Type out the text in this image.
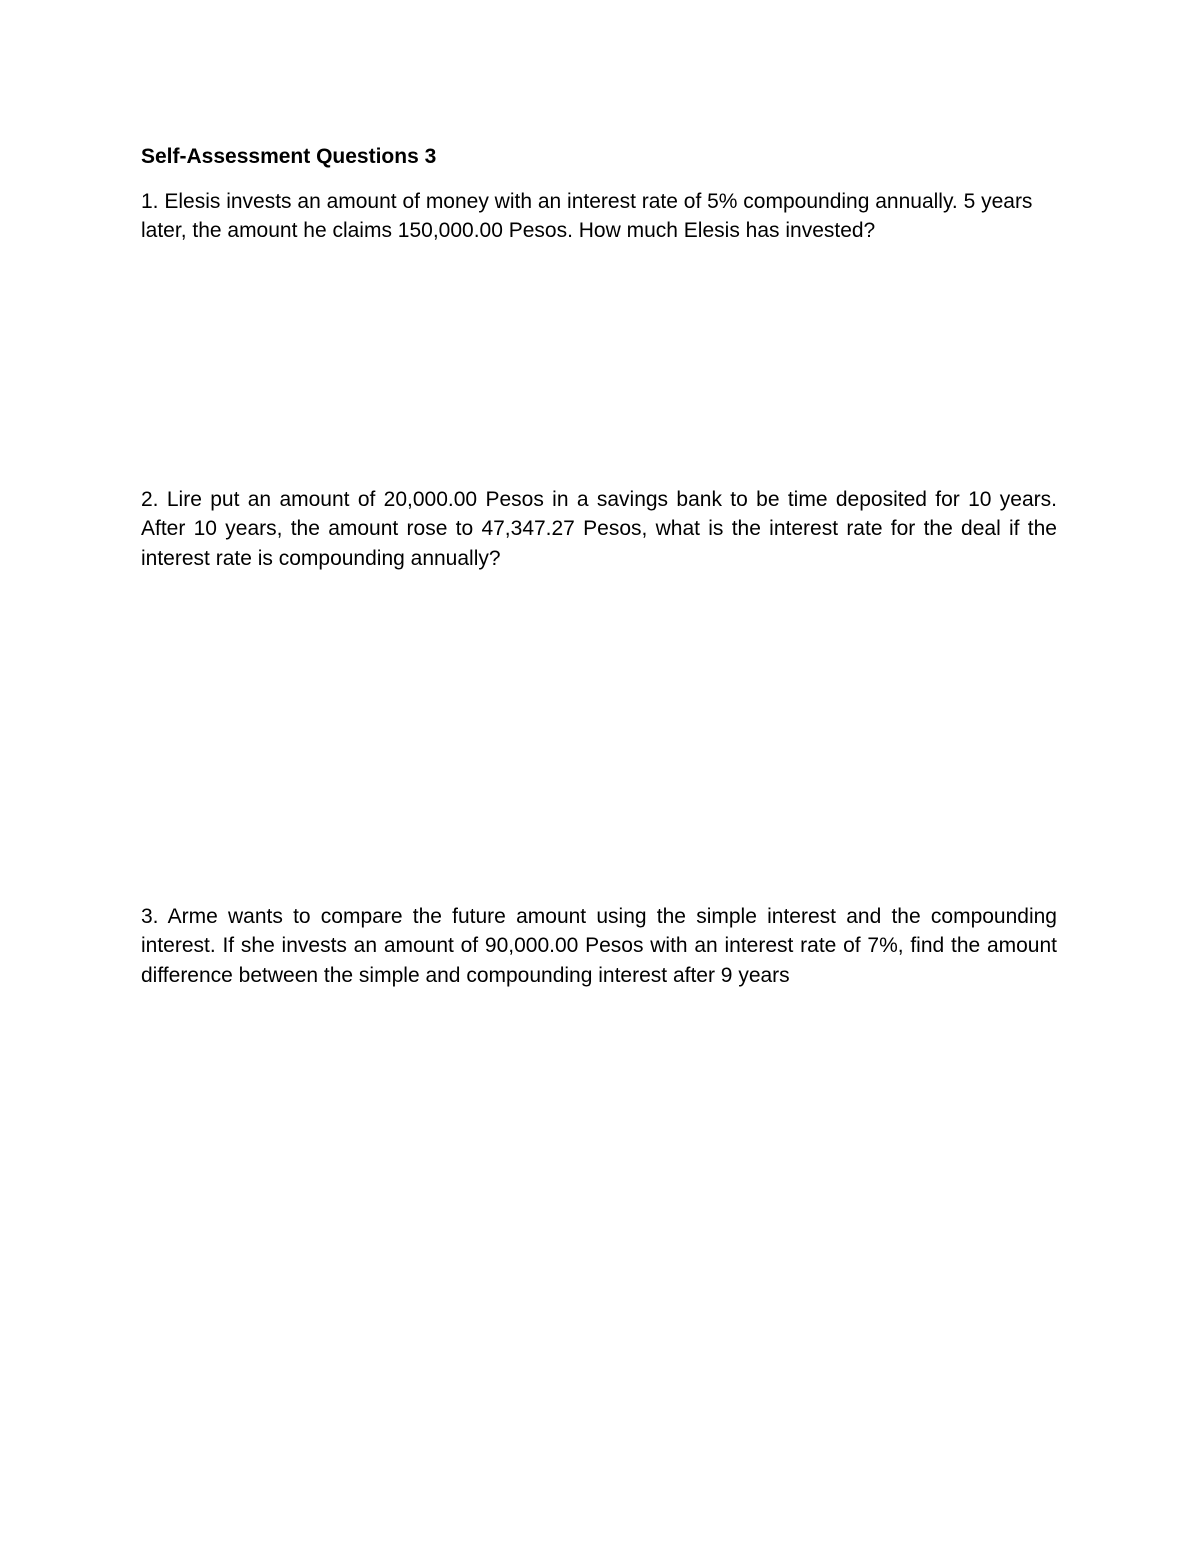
Self-Assessment Questions 3

1. Elesis invests an amount of money with an interest rate of 5% compounding annually. 5 years later, the amount he claims 150,000.00 Pesos. How much Elesis has invested?

2. Lire put an amount of 20,000.00 Pesos in a savings bank to be time deposited for 10 years. After 10 years, the amount rose to 47,347.27 Pesos, what is the interest rate for the deal if the interest rate is compounding annually?

3. Arme wants to compare the future amount using the simple interest and the compounding interest. If she invests an amount of 90,000.00 Pesos with an interest rate of 7%, find the amount difference between the simple and compounding interest after 9 years
